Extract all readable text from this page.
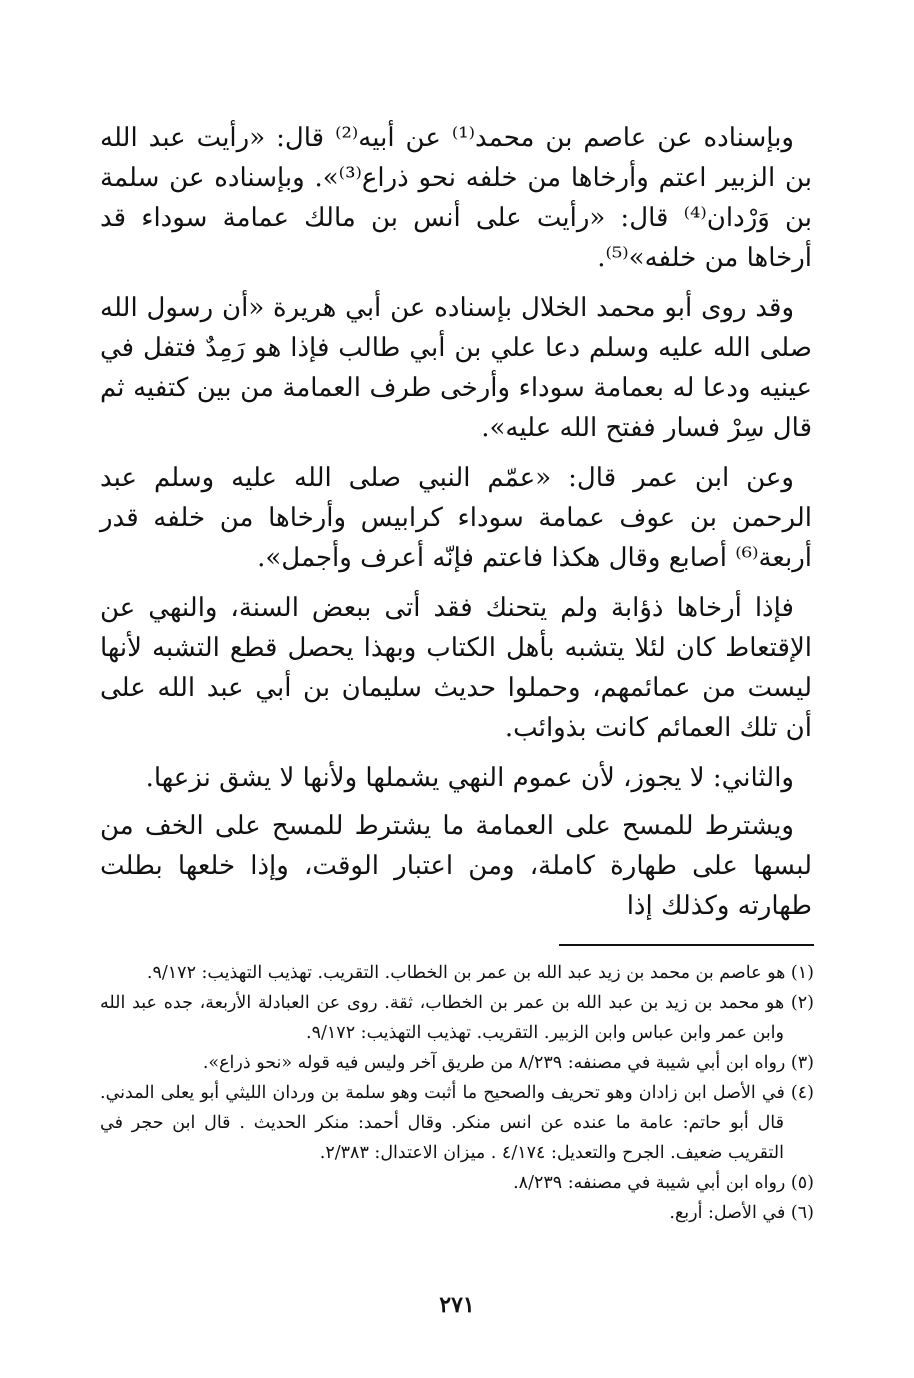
وبإسناده عن عاصم بن محمد⁽¹⁾ عن أبيه⁽²⁾ قال: «رأيت عبد الله بن الزبير اعتم وأرخاها من خلفه نحو ذراع⁽³⁾». وبإسناده عن سلمة بن وَرْدان⁽⁴⁾ قال: «رأيت على أنس بن مالك عمامة سوداء قد أرخاها من خلفه»⁽⁵⁾.

وقد روى أبو محمد الخلال بإسناده عن أبي هريرة «أن رسول الله صلى الله عليه وسلم دعا علي بن أبي طالب فإذا هو رَمِدٌ فتفل في عينيه ودعا له بعمامة سوداء وأرخى طرف العمامة من بين كتفيه ثم قال سِرْ فسار ففتح الله عليه».

وعن ابن عمر قال: «عمّم النبي صلى الله عليه وسلم عبد الرحمن بن عوف عمامة سوداء كرابيس وأرخاها من خلفه قدر أربعة⁽⁶⁾ أصابع وقال هكذا فاعتم فإنّه أعرف وأجمل».

فإذا أرخاها ذؤابة ولم يتحنك فقد أتى ببعض السنة، والنهي عن الإقتعاط كان لئلا يتشبه بأهل الكتاب وبهذا يحصل قطع التشبه لأنها ليست من عمائمهم، وحملوا حديث سليمان بن أبي عبد الله على أن تلك العمائم كانت بذوائب.

والثاني: لا يجوز، لأن عموم النهي يشملها ولأنها لا يشق نزعها.

ويشترط للمسح على العمامة ما يشترط للمسح على الخف من لبسها على طهارة كاملة، ومن اعتبار الوقت، وإذا خلعها بطلت طهارته وكذلك إذا

(١) هو عاصم بن محمد بن زيد عبد الله بن عمر بن الخطاب. التقريب. تهذيب التهذيب: ٩/١٧٢.

(٢) هو محمد بن زيد بن عبد الله بن عمر بن الخطاب، ثقة. روى عن العبادلة الأربعة، جده عبد الله وابن عمر وابن عباس وابن الزبير. التقريب. تهذيب التهذيب: ٩/١٧٢.

(٣) رواه ابن أبي شيبة في مصنفه: ٨/٢٣٩ من طريق آخر وليس فيه قوله «نحو ذراع».

(٤) في الأصل ابن زادان وهو تحريف والصحيح ما أثبت وهو سلمة بن وردان الليثي أبو يعلى المدني. قال أبو حاتم: عامة ما عنده عن انس منكر. وقال أحمد: منكر الحديث . قال ابن حجر في التقريب ضعيف. الجرح والتعديل: ٤/١٧٤ . ميزان الاعتدال: ٢/٣٨٣.

(٥) رواه ابن أبي شيبة في مصنفه: ٨/٢٣٩.

(٦) في الأصل: أربع.

٢٧١
